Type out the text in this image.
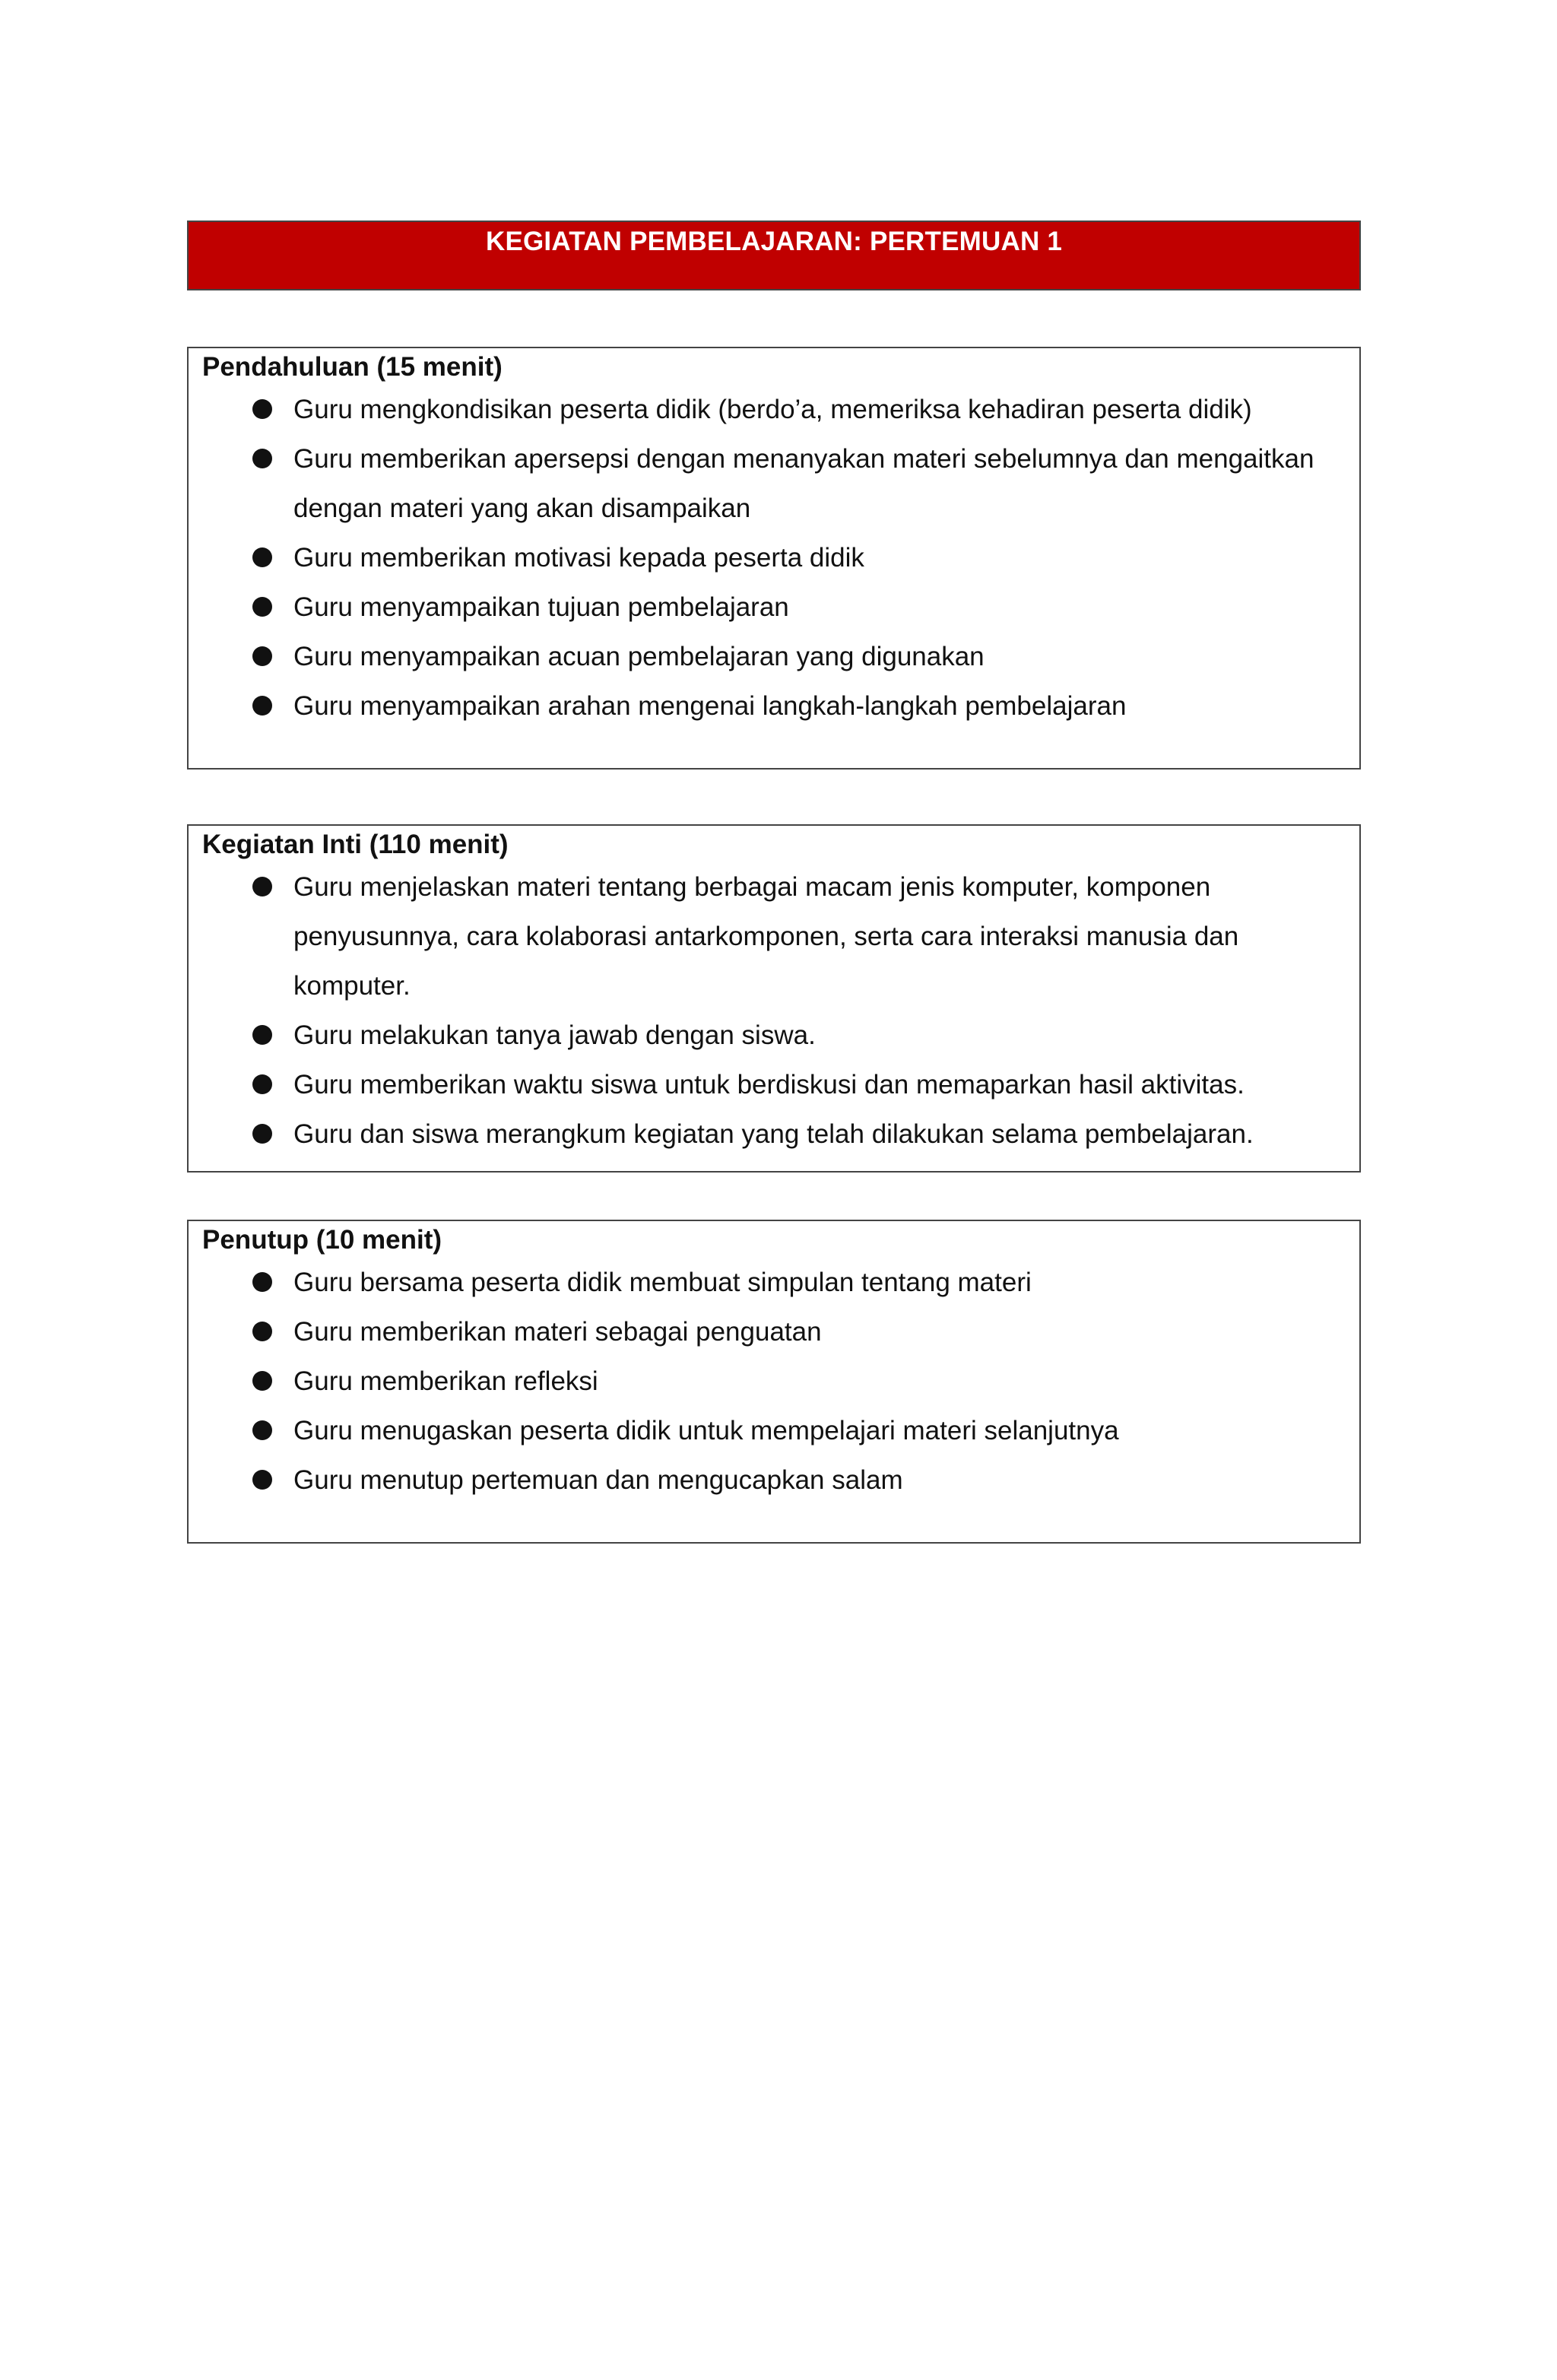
KEGIATAN PEMBELAJARAN: PERTEMUAN 1
Pendahuluan (15 menit)
Guru mengkondisikan peserta didik (berdo’a, memeriksa kehadiran peserta didik)
Guru memberikan apersepsi dengan menanyakan materi sebelumnya dan mengaitkan dengan materi yang akan disampaikan
Guru memberikan motivasi kepada peserta didik
Guru menyampaikan tujuan pembelajaran
Guru menyampaikan acuan pembelajaran yang digunakan
Guru menyampaikan arahan mengenai langkah-langkah pembelajaran
Kegiatan Inti (110 menit)
Guru menjelaskan materi tentang berbagai macam jenis komputer, komponen penyusunnya, cara kolaborasi antarkomponen, serta cara interaksi manusia dan komputer.
Guru melakukan tanya jawab dengan siswa.
Guru memberikan waktu siswa untuk berdiskusi dan memaparkan hasil aktivitas.
Guru dan siswa merangkum kegiatan yang telah dilakukan selama pembelajaran.
Penutup (10 menit)
Guru bersama peserta didik membuat simpulan tentang materi
Guru memberikan materi sebagai penguatan
Guru memberikan refleksi
Guru menugaskan peserta didik untuk mempelajari materi selanjutnya
Guru menutup pertemuan dan mengucapkan salam
